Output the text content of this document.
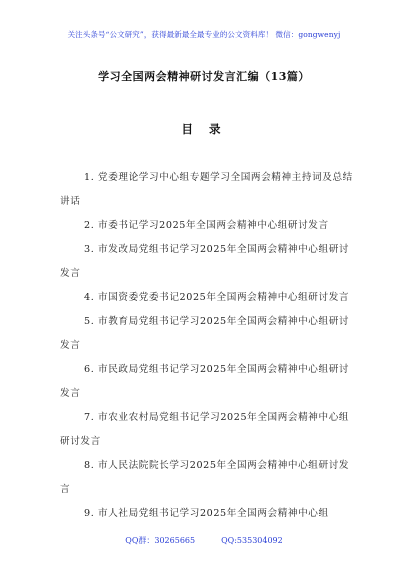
关注头条号“公文研究”，获得最新最全最专业的公文资料库！ 微信：gongwenyj
学习全国两会精神研讨发言汇编（13篇）
目 录
1. 党委理论学习中心组专题学习全国两会精神主持词及总结讲话
2. 市委书记学习2025年全国两会精神中心组研讨发言
3. 市发改局党组书记学习2025年全国两会精神中心组研讨发言
4. 市国资委党委书记2025年全国两会精神中心组研讨发言
5. 市教育局党组书记学习2025年全国两会精神中心组研讨发言
6. 市民政局党组书记学习2025年全国两会精神中心组研讨发言
7. 市农业农村局党组书记学习2025年全国两会精神中心组研讨发言
8. 市人民法院院长学习2025年全国两会精神中心组研讨发言
9. 市人社局党组书记学习2025年全国两会精神中心组
QQ群：30265665	QQ:535304092
